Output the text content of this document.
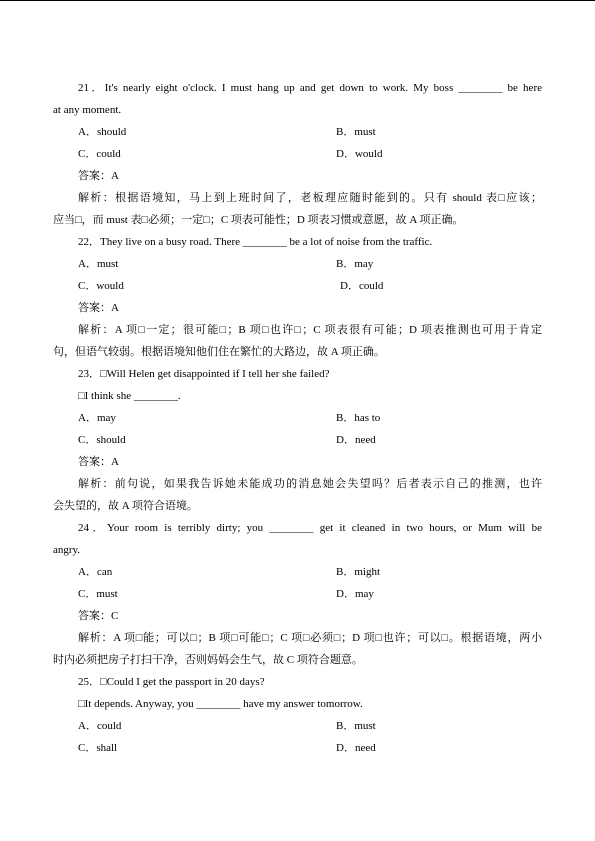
21．It's nearly eight o'clock. I must hang up and get down to work. My boss ________ be here
at any moment.
A．should	B．must
C．could	D．would
答案：A
解析：根据语境知，马上到上班时间了，老板理应随时能到的。只有 should 表□应该；
应当□，而 must 表□必须；一定□；C 项表可能性；D 项表习惯或意愿，故 A 项正确。
22．They live on a busy road. There ________ be a lot of noise from the traffic.
A．must	B．may
C．would	D．could
答案：A
解析：A 项□一定；很可能□；B 项□也许□；C 项表很有可能；D 项表推测也可用于肯定
句，但语气较弱。根据语境知他们住在繁忙的大路边，故 A 项正确。
23．□Will Helen get disappointed if I tell her she failed?
□I think she ________.
A．may	B．has to
C．should	D．need
答案：A
解析：前句说，如果我告诉她未能成功的消息她会失望吗？后者表示自己的推测，也许
会失望的，故 A 项符合语境。
24．Your room is terribly dirty; you ________ get it cleaned in two hours, or Mum will be
angry.
A．can	B．might
C．must	D．may
答案：C
解析：A 项□能；可以□；B 项□可能□；C 项□必须□；D 项□也许；可以□。根据语境，两小
时内必须把房子打扫干净，否则妈妈会生气，故 C 项符合题意。
25．□Could I get the passport in 20 days?
□It depends. Anyway, you ________ have my answer tomorrow.
A．could	B．must
C．shall	D．need
